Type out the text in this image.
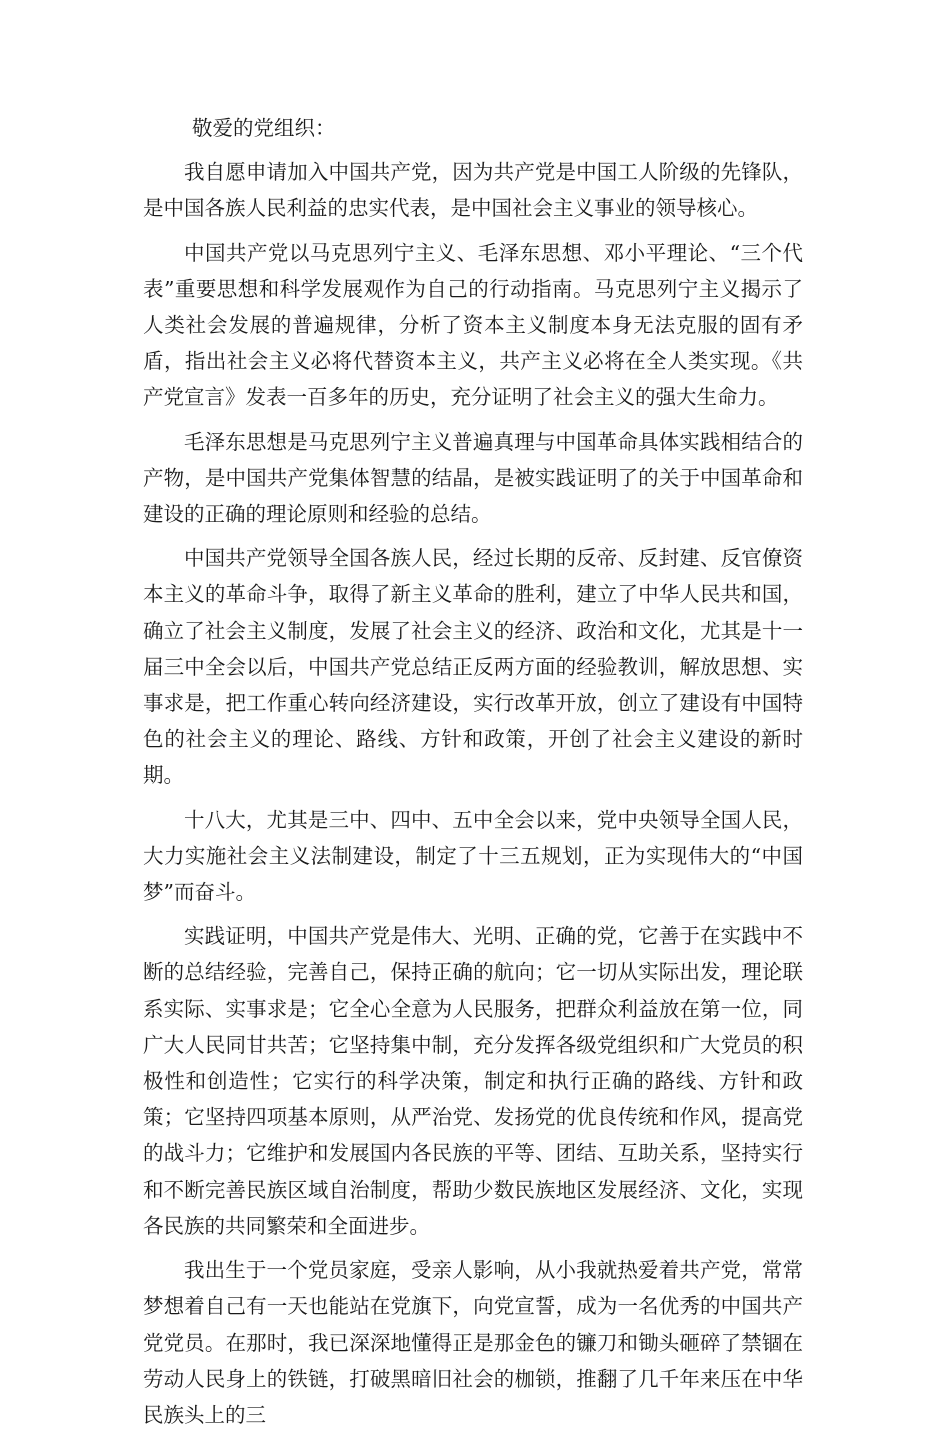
敬爱的党组织：

我自愿申请加入中国共产党，因为共产党是中国工人阶级的先锋队，是中国各族人民利益的忠实代表，是中国社会主义事业的领导核心。

中国共产党以马克思列宁主义、毛泽东思想、邓小平理论、“三个代表”重要思想和科学发展观作为自己的行动指南。马克思列宁主义揭示了人类社会发展的普遍规律，分析了资本主义制度本身无法克服的固有矛盾，指出社会主义必将代替资本主义，共产主义必将在全人类实现。《共产党宣言》发表一百多年的历史，充分证明了社会主义的强大生命力。

毛泽东思想是马克思列宁主义普遍真理与中国革命具体实践相结合的产物，是中国共产党集体智慧的结晶，是被实践证明了的关于中国革命和建设的正确的理论原则和经验的总结。

中国共产党领导全国各族人民，经过长期的反帝、反封建、反官僚资本主义的革命斗争，取得了新主义革命的胜利，建立了中华人民共和国，确立了社会主义制度，发展了社会主义的经济、政治和文化，尤其是十一届三中全会以后，中国共产党总结正反两方面的经验教训，解放思想、实事求是，把工作重心转向经济建设，实行改革开放，创立了建设有中国特色的社会主义的理论、路线、方针和政策，开创了社会主义建设的新时期。

十八大，尤其是三中、四中、五中全会以来，党中央领导全国人民，大力实施社会主义法制建设，制定了十三五规划，正为实现伟大的“中国梦”而奋斗。

实践证明，中国共产党是伟大、光明、正确的党，它善于在实践中不断的总结经验，完善自己，保持正确的航向；它一切从实际出发，理论联系实际、实事求是；它全心全意为人民服务，把群众利益放在第一位，同广大人民同甘共苦；它坚持集中制，充分发挥各级党组织和广大党员的积极性和创造性；它实行的科学决策，制定和执行正确的路线、方针和政策；它坚持四项基本原则，从严治党、发扬党的优良传统和作风，提高党的战斗力；它维护和发展国内各民族的平等、团结、互助关系，坚持实行和不断完善民族区域自治制度，帮助少数民族地区发展经济、文化，实现各民族的共同繁荣和全面进步。

我出生于一个党员家庭，受亲人影响，从小我就热爱着共产党，常常梦想着自己有一天也能站在党旗下，向党宣誓，成为一名优秀的中国共产党党员。在那时，我已深深地懂得正是那金色的镰刀和锄头砸碎了禁锢在劳动人民身上的铁链，打破黑暗旧社会的枷锁，推翻了几千年来压在中华民族头上的三
